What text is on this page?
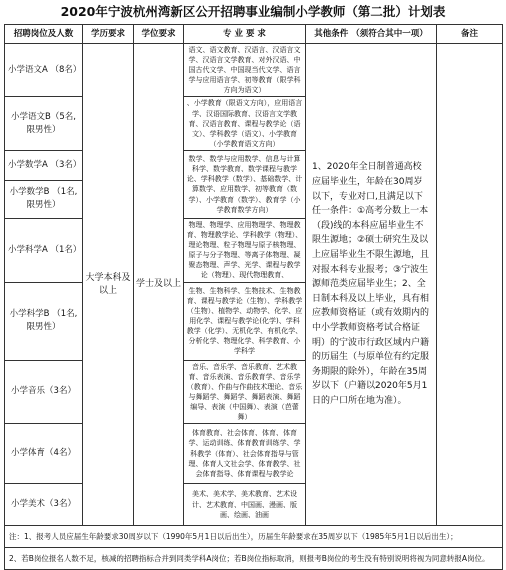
2020年宁波杭州湾新区公开招聘事业编制小学教师（第二批）计划表
招聘岗位及人数	学历要求	学位要求	专 业 要 求	其他条件 （须符合其中一项）	备注
小学语文A （8名）	大学本科及以上	学士及以上	语文、语文教育、汉语言、汉语言文学、汉语言文学教育、对外汉语、中国古代文学、中国现当代文学、语言学与应用语言学、初等教育（限学科方向为语文）	1、2020年全日制普通高校应届毕业生，年龄在30周岁以下，专业对口,且满足以下任一条件：①高考分数上一本（段)线的本科应届毕业生不限生源地；②硕士研究生及以上应届毕业生不限生源地，且对报本科专业报考；③宁波生源师范类应届毕业生；2、全日制本科及以上毕业，具有相应教师资格证（或有效期内的中小学教师资格考试合格证明）的宁波市行政区域内户籍的历届生（与原单位有约定服务期限的除外），年龄在35周岁以下（户籍以2020年5月1日的户口所在地为准）。	
小学语文B（5名,限男性）			、小学教育（限语文方向），应用语言学、汉语国际教育、汉语言文学教育、汉语言教育、课程与教学论（语文）、学科教学（语文）、小学教育（小学教育语文方向）		
小学数学A （3名）			数学、数学与应用数学、信息与计算科学、数学教育、数学课程与教学论、学科教学（数学）、基础数学、计算数学、应用数学、初等教育（数学）、小学教育（数学）、教育学（小学教育数学方向）		
小学数学B （1名,限男性）					
小学科学A （1名）			物理、物理学、应用物理学、物理教育、物理教学论、学科教学（物理）、理论物理、粒子物理与原子核物理、原子与分子物理、等离子体物理、凝聚态物理、声学、光学、课程与教学论（物理）、现代物理教育、		
小学科学B （1名,限男性）			生物、生物科学、生物技术、生物教育、课程与教学论（生物）、学科教学（生物）、植物学、动物学、化学、应用化学、课程与教学论(化学)、学科教学（化学）、无机化学、有机化学、分析化学、物理化学、科学教育、小学科学		
小学音乐（3名）			音乐、音乐学、音乐教育、艺术教育、音乐表演、音乐教育学、音乐学（教育）、作曲与作曲技术理论、音乐与舞蹈学、舞蹈学、舞蹈表演、舞蹈编导、表演（中国舞）、表演（芭蕾舞）		
小学体育（4名）			体育教育、社会体育、体育、体育学、运动训练、体育教育训练学、学科教学（体育）、社会体育指导与管理、体育人文社会学、体育教学、社会体育指导、体育课程与教学论		
小学美术（3名）			美术、美术学、美术教育、艺术设计、艺术教育、中国画、漫画、版画、绘画、油画		
注：1、报考人员应届生年龄要求30周岁以下（1990年5月1日以后出生），历届生年龄要求在35周岁以下（1985年5月1日以后出生）；					
2、若B岗位报名人数不足，核减的招聘指标合并到同类学科A岗位；若B岗位指标取消，则报考B岗位的考生没有特别说明将视为同意转报A岗位。					
